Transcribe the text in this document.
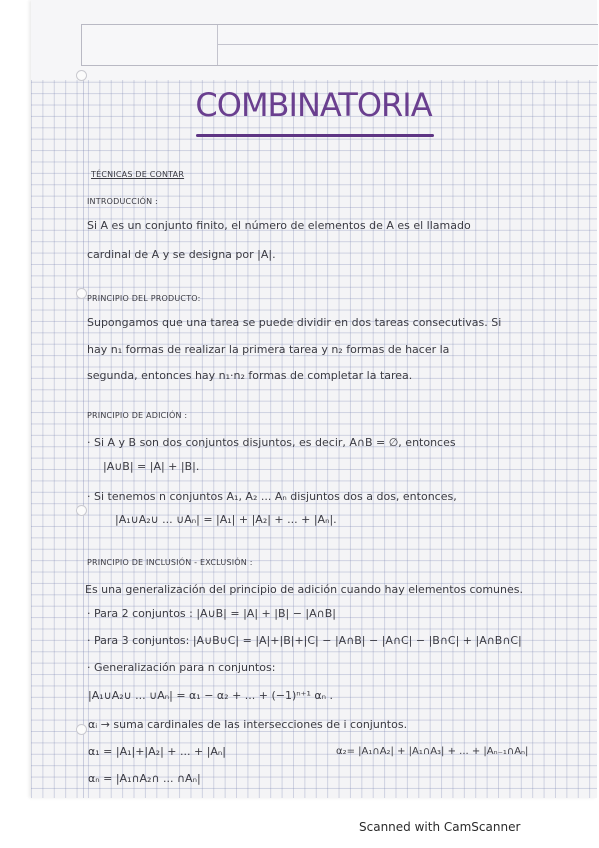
COMBINATORIA
TÉCNICAS DE CONTAR
INTRODUCCIÓN :
Si A es un conjunto finito, el número de elementos de A es el llamado
cardinal de A y se designa por |A|.
PRINCIPIO DEL PRODUCTO:
Supongamos que una tarea se puede dividir en dos tareas consecutivas. Si
hay n₁ formas de realizar la primera tarea y n₂ formas de hacer la
segunda, entonces hay n₁·n₂ formas de completar la tarea.
PRINCIPIO DE ADICIÓN :
· Si A y B son dos conjuntos disjuntos, es decir, A∩B = ∅, entonces
|A∪B| = |A| + |B|.
· Si tenemos n conjuntos A₁, A₂ ... Aₙ disjuntos dos a dos, entonces,
|A₁∪A₂∪ ... ∪Aₙ| = |A₁| + |A₂| + ... + |Aₙ|.
PRINCIPIO DE INCLUSIÓN - EXCLUSIÓN :
Es una generalización del principio de adición cuando hay elementos comunes.
· Para 2 conjuntos : |A∪B| = |A| + |B| − |A∩B|
· Para 3 conjuntos: |A∪B∪C| = |A|+|B|+|C| − |A∩B| − |A∩C| − |B∩C| + |A∩B∩C|
· Generalización para n conjuntos:
|A₁∪A₂∪ ... ∪Aₙ| = α₁ − α₂ + ... + (−1)ⁿ⁺¹ αₙ .
αᵢ → suma cardinales de las intersecciones de i conjuntos.
α₁ = |A₁|+|A₂| + ... + |Aₙ|	α₂= |A₁∩A₂| + |A₁∩A₃| + ... + |Aₙ₋₁∩Aₙ|
αₙ = |A₁∩A₂∩ ... ∩Aₙ|
Scanned with CamScanner
